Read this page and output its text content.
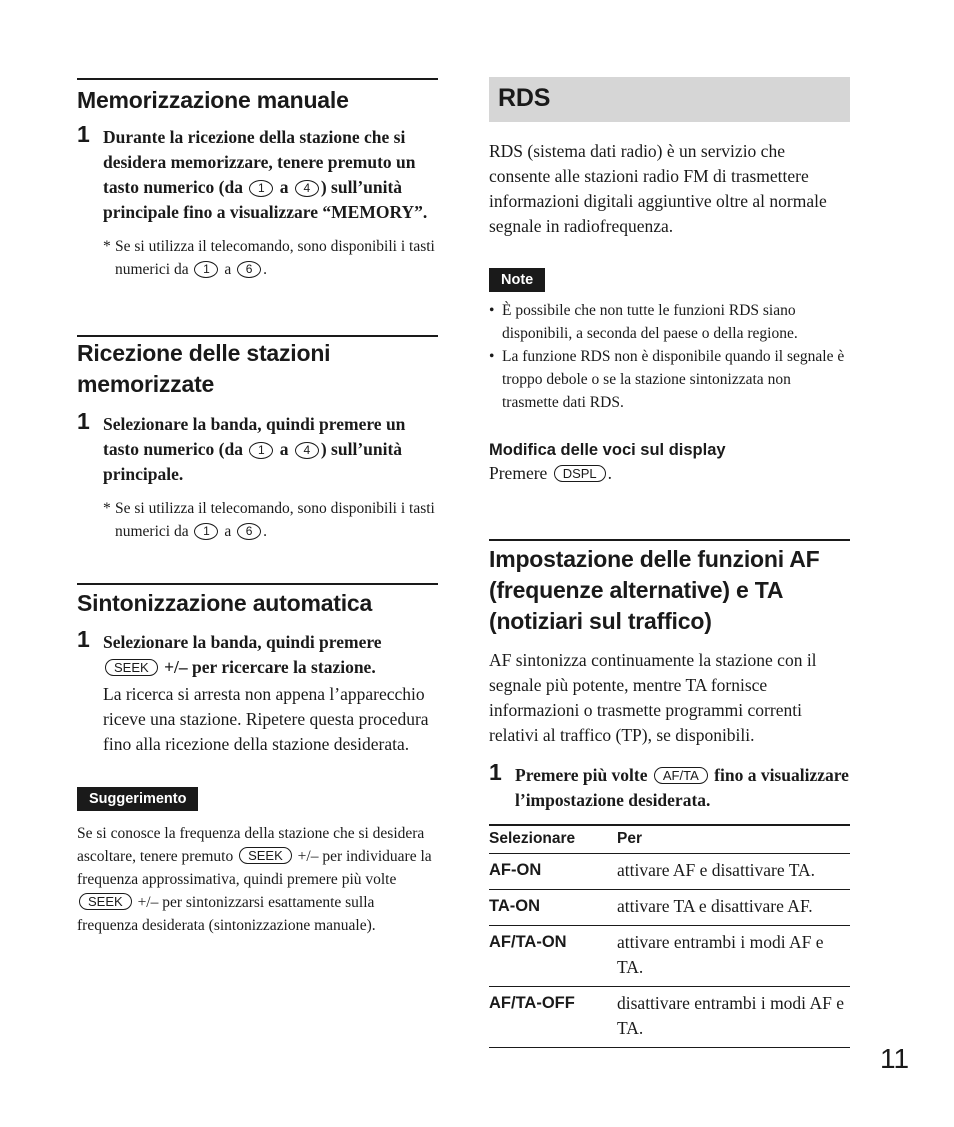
Memorizzazione manuale
1 Durante la ricezione della stazione che si desidera memorizzare, tenere premuto un tasto numerico (da 1 a 4 ) sull’unità principale fino a visualizzare “MEMORY”.
* Se si utilizza il telecomando, sono disponibili i tasti numerici da 1 a 6 .
Ricezione delle stazioni memorizzate
1 Selezionare la banda, quindi premere un tasto numerico (da 1 a 4 ) sull’unità principale.
* Se si utilizza il telecomando, sono disponibili i tasti numerici da 1 a 6 .
Sintonizzazione automatica
1 Selezionare la banda, quindi premere SEEK +/– per ricercare la stazione.
La ricerca si arresta non appena l’apparecchio riceve una stazione. Ripetere questa procedura fino alla ricezione della stazione desiderata.
Suggerimento
Se si conosce la frequenza della stazione che si desidera ascoltare, tenere premuto SEEK +/– per individuare la frequenza approssimativa, quindi premere più volte SEEK +/– per sintonizzarsi esattamente sulla frequenza desiderata (sintonizzazione manuale).
RDS
RDS (sistema dati radio) è un servizio che consente alle stazioni radio FM di trasmettere informazioni digitali aggiuntive oltre al normale segnale in radiofrequenza.
Note
• È possibile che non tutte le funzioni RDS siano disponibili, a seconda del paese o della regione.
• La funzione RDS non è disponibile quando il segnale è troppo debole o se la stazione sintonizzata non trasmette dati RDS.
Modifica delle voci sul display
Premere DSPL .
Impostazione delle funzioni AF (frequenze alternative) e TA (notiziari sul traffico)
AF sintonizza continuamente la stazione con il segnale più potente, mentre TA fornisce informazioni o trasmette programmi correnti relativi al traffico (TP), se disponibili.
1 Premere più volte AF/TA fino a visualizzare l’impostazione desiderata.
Selezionare	Per
AF-ON	attivare AF e disattivare TA.
TA-ON	attivare TA e disattivare AF.
AF/TA-ON	attivare entrambi i modi AF e TA.
AF/TA-OFF	disattivare entrambi i modi AF e TA.
11
